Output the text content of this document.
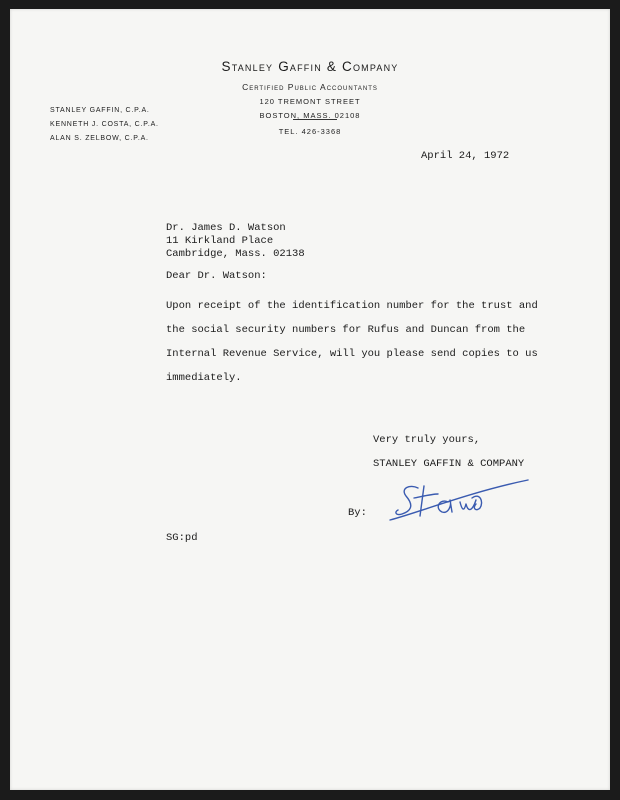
Stanley Gaffin & Company
Certified Public Accountants
120 TREMONT STREET
BOSTON, MASS. 02108
TEL. 426-3368
STANLEY GAFFIN, C.P.A.
KENNETH J. COSTA, C.P.A.
ALAN S. ZELBOW, C.P.A.
April 24, 1972
Dr. James D. Watson
11 Kirkland Place
Cambridge, Mass. 02138
Dear Dr. Watson:
Upon receipt of the identification number for the trust and
the social security numbers for Rufus and Duncan from the
Internal Revenue Service, will you please send copies to us
immediately.
Very truly yours,
STANLEY GAFFIN & COMPANY
By:
SG:pd
